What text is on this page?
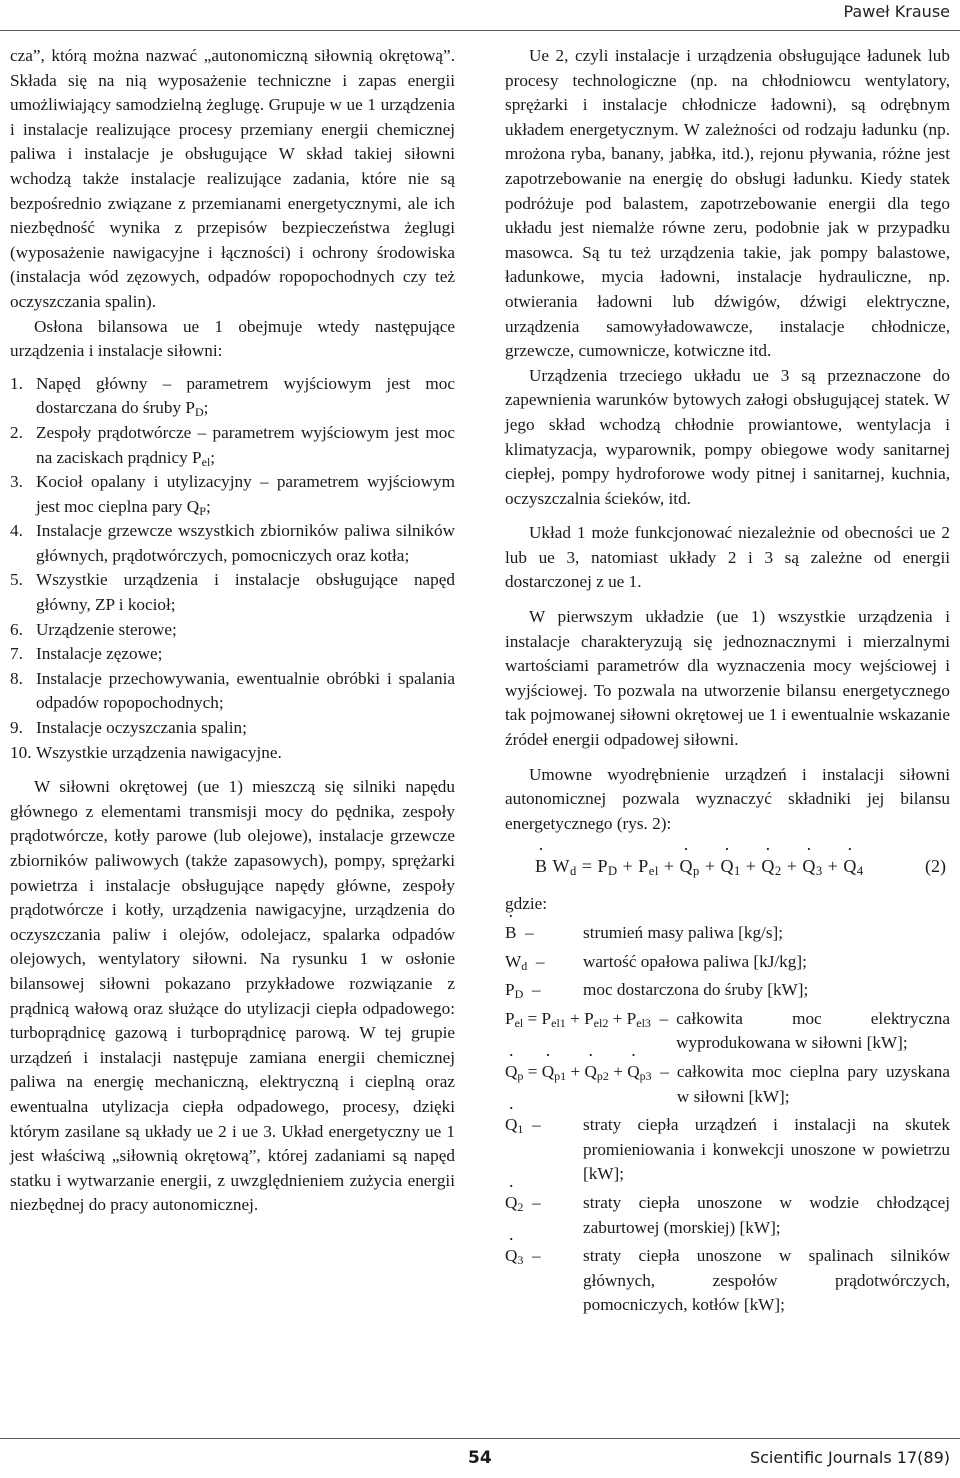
Paweł Krause

cza”, którą można nazwać „autonomiczną siłownią okrętową”. Składa się na nią wyposażenie techniczne i zapas energii umożliwiający samodzielną żeglugę. Grupuje w ue 1 urządzenia i instalacje realizujące procesy przemiany energii chemicznej paliwa i instalacje je obsługujące W skład takiej siłowni wchodzą także instalacje realizujące zadania, które nie są bezpośrednio związane z przemianami energetycznymi, ale ich niezbędność wynika z przepisów bezpieczeństwa żeglugi (wyposażenie nawigacyjne i łączności) i ochrony środowiska (instalacja wód zęzowych, odpadów ropopochodnych czy też oczyszczania spalin).

Osłona bilansowa ue 1 obejmuje wtedy następujące urządzenia i instalacje siłowni:

1. Napęd główny – parametrem wyjściowym jest moc dostarczana do śruby $P_D$;
2. Zespoły prądotwórcze – parametrem wyjściowym jest moc na zaciskach prądnicy $P_{el}$;
3. Kocioł opalany i utylizacyjny – parametrem wyjściowym jest moc cieplna pary $Q_P$;
4. Instalacje grzewcze wszystkich zbiorników paliwa silników głównych, prądotwórczych, pomocniczych oraz kotła;
5. Wszystkie urządzenia i instalacje obsługujące napęd główny, ZP i kocioł;
6. Urządzenie sterowe;
7. Instalacje zęzowe;
8. Instalacje przechowywania, ewentualnie obróbki i spalania odpadów ropopochodnych;
9. Instalacje oczyszczania spalin;
10. Wszystkie urządzenia nawigacyjne.

W siłowni okrętowej (ue 1) mieszczą się silniki napędu głównego z elementami transmisji mocy do pędnika, zespoły prądotwórcze, kotły parowe (lub olejowe), instalacje grzewcze zbiorników paliwowych (także zapasowych), pompy, sprężarki powietrza i instalacje obsługujące napędy główne, zespoły prądotwórcze i kotły, urządzenia nawigacyjne, urządzenia do oczyszczania paliw i olejów, odolejacz, spalarka odpadów olejowych, wentylatory siłowni. Na rysunku 1 w osłonie bilansowej siłowni pokazano przykładowe rozwiązanie z prądnicą wałową oraz służące do utylizacji ciepła odpadowego: turboprądnicę gazową i turboprądnicę parową. W tej grupie urządzeń i instalacji następuje zamiana energii chemicznej paliwa na energię mechaniczną, elektryczną i cieplną oraz ewentualna utylizacja ciepła odpadowego, procesy, dzięki którym zasilane są układy ue 2 i ue 3. Układ energetyczny ue 1 jest właściwą „siłownią okrętową”, której zadaniami są napęd statku i wytwarzanie energii, z uwzględnieniem zużycia energii niezbędnej do pracy autonomicznej.

Ue 2, czyli instalacje i urządzenia obsługujące ładunek lub procesy technologiczne (np. na chłodniowcu wentylatory, sprężarki i instalacje chłodnicze ładowni), są odrębnym układem energetycznym. W zależności od rodzaju ładunku (np. mrożona ryba, banany, jabłka, itd.), rejonu pływania, różne jest zapotrzebowanie na energię do obsługi ładunku. Kiedy statek podróżuje pod balastem, zapotrzebowanie energii dla tego układu jest niemalże równe zeru, podobnie jak w przypadku masowca. Są tu też urządzenia takie, jak pompy balastowe, ładunkowe, mycia ładowni, instalacje hydrauliczne, np. otwierania ładowni lub dźwigów, dźwigi elektryczne, urządzenia samowyładowawcze, instalacje chłodnicze, grzewcze, cumownicze, kotwiczne itd.

Urządzenia trzeciego układu ue 3 są przeznaczone do zapewnienia warunków bytowych załogi obsługującej statek. W jego skład wchodzą chłodnie prowiantowe, wentylacja i klimatyzacja, wyparownik, pompy obiegowe wody sanitarnej ciepłej, pompy hydroforowe wody pitnej i sanitarnej, kuchnia, oczyszczalnia ścieków, itd.

Układ 1 może funkcjonować niezależnie od obecności ue 2 lub ue 3, natomiast układy 2 i 3 są zależne od energii dostarczonej z ue 1.

W pierwszym układzie (ue 1) wszystkie urządzenia i instalacje charakteryzują się jednoznacznymi i mierzalnymi wartościami parametrów dla wyznaczenia mocy wejściowej i wyjściowej. To pozwala na utworzenie bilansu energetycznego tak pojmowanej siłowni okrętowej ue 1 i ewentualnie wskazanie źródeł energii odpadowej siłowni.

Umowne wyodrębnienie urządzeń i instalacji siłowni autonomicznej pozwala wyznaczyć składniki jej bilansu energetycznego (rys. 2):

· B $W_d = P_D + P_{el}$ + · $Q_p$ + · $Q_1$ + · $Q_2$ + · $Q_3$ + · $Q_4$	(2)

gdzie:

· B  –	strumień masy paliwa [kg/s];
$W_d$  –	wartość opałowa paliwa [kJ/kg];
$P_D$  –	moc dostarczona do śruby [kW];
$P_{el} = P_{el1} + P_{el2} + P_{el3}$  – całkowita moc elektryczna wyprodukowana w siłowni [kW];
· $Q_p$ = · $Q_{p1}$ + · $Q_{p2}$ + · $Q_{p3}$  – całkowita moc cieplna pary uzyskana w siłowni [kW];
· $Q_1$  –	straty ciepła urządzeń i instalacji na skutek promieniowania i konwekcji unoszone w powietrzu [kW];
· $Q_2$  –	straty ciepła unoszone w wodzie chłodzącej zaburtowej (morskiej) [kW];
· $Q_3$  –	straty ciepła unoszone w spalinach silników głównych, zespołów prądotwórczych, pomocniczych, kotłów [kW];
54	Scientific Journals 17(89)
